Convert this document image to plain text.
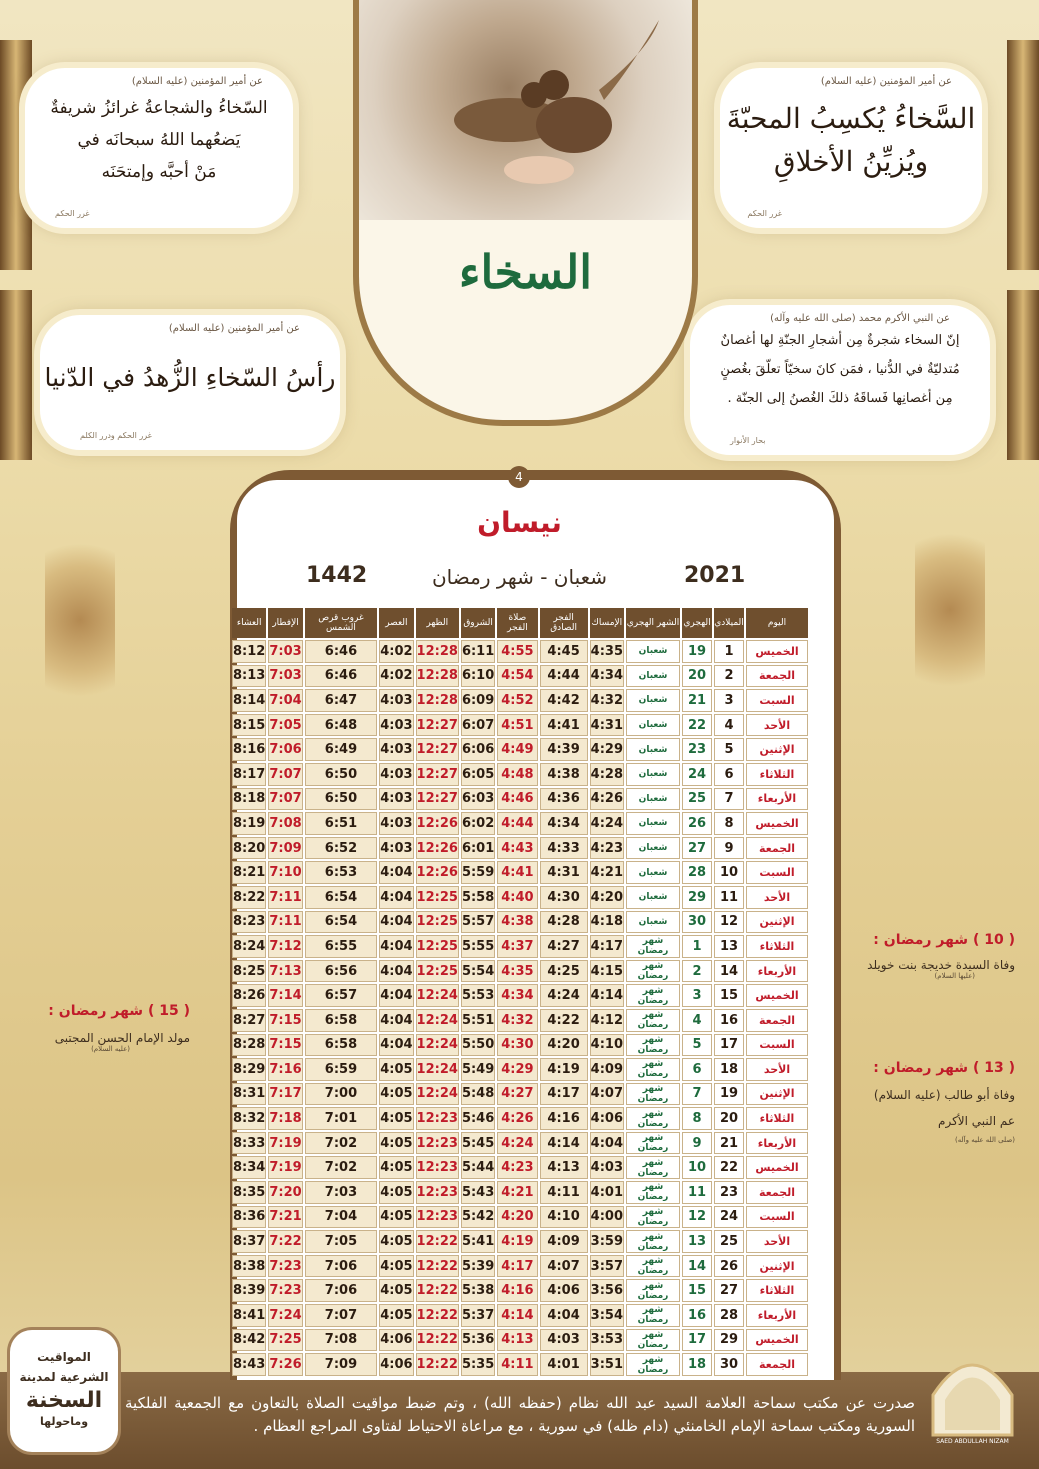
عن أمير المؤمنين (عليه السلام)
السَّخاءُ يُكسِبُ المحبّةَ
ويُزيِّنُ الأخلاقِ
غرر الحكم
عن أمير المؤمنين (عليه السلام)
السّخاءُ والشجاعةُ غرائزُ شريفةٌ
يَضعُهما اللهُ سبحانَه في
مَنْ أحبَّه وإمتحَنَه
غرر الحكم
عن النبي الأكرم محمد (صلى الله عليه وآله)
إنّ السخاء شجرةٌ مِن أشجارِ الجنّةِ لها أغصانٌ
مُتدليّةٌ في الدُّنيا ، فمَن كانَ سخيّاً تعلّقَ بغُصنٍ
مِن أغصانِها فَساقَهُ ذلكَ الغُصنُ إلى الجنّة .
بحار الأنوار
عن أمير المؤمنين (عليه السلام)
رأسُ السّخاءِ الزُّهدُ في الدّنيا
غرر الحكم ودرر الكلم
السخاء
4
نيسان
شعبان - شهر رمضان	2021
1442
اليوم	الميلادي	الهجري	الشهر الهجري	الإمساك	الفجر الصادق	صلاة الفجر	الشروق	الظهر	العصر	غروب قرص الشمس	الإفطار	العشاء
الخميس	1	19	شعبان	4:35	4:45	4:55	6:11	12:28	4:02	6:46	7:03	8:12
الجمعة	2	20	شعبان	4:34	4:44	4:54	6:10	12:28	4:02	6:46	7:03	8:13
السبت	3	21	شعبان	4:32	4:42	4:52	6:09	12:28	4:03	6:47	7:04	8:14
الأحد	4	22	شعبان	4:31	4:41	4:51	6:07	12:27	4:03	6:48	7:05	8:15
الإثنين	5	23	شعبان	4:29	4:39	4:49	6:06	12:27	4:03	6:49	7:06	8:16
الثلاثاء	6	24	شعبان	4:28	4:38	4:48	6:05	12:27	4:03	6:50	7:07	8:17
الأربعاء	7	25	شعبان	4:26	4:36	4:46	6:03	12:27	4:03	6:50	7:07	8:18
الخميس	8	26	شعبان	4:24	4:34	4:44	6:02	12:26	4:03	6:51	7:08	8:19
الجمعة	9	27	شعبان	4:23	4:33	4:43	6:01	12:26	4:03	6:52	7:09	8:20
السبت	10	28	شعبان	4:21	4:31	4:41	5:59	12:26	4:04	6:53	7:10	8:21
الأحد	11	29	شعبان	4:20	4:30	4:40	5:58	12:25	4:04	6:54	7:11	8:22
الإثنين	12	30	شعبان	4:18	4:28	4:38	5:57	12:25	4:04	6:54	7:11	8:23
الثلاثاء	13	1	شهر رمضان	4:17	4:27	4:37	5:55	12:25	4:04	6:55	7:12	8:24
الأربعاء	14	2	شهر رمضان	4:15	4:25	4:35	5:54	12:25	4:04	6:56	7:13	8:25
الخميس	15	3	شهر رمضان	4:14	4:24	4:34	5:53	12:24	4:04	6:57	7:14	8:26
الجمعة	16	4	شهر رمضان	4:12	4:22	4:32	5:51	12:24	4:04	6:58	7:15	8:27
السبت	17	5	شهر رمضان	4:10	4:20	4:30	5:50	12:24	4:04	6:58	7:15	8:28
الأحد	18	6	شهر رمضان	4:09	4:19	4:29	5:49	12:24	4:05	6:59	7:16	8:29
الإثنين	19	7	شهر رمضان	4:07	4:17	4:27	5:48	12:24	4:05	7:00	7:17	8:31
الثلاثاء	20	8	شهر رمضان	4:06	4:16	4:26	5:46	12:23	4:05	7:01	7:18	8:32
الأربعاء	21	9	شهر رمضان	4:04	4:14	4:24	5:45	12:23	4:05	7:02	7:19	8:33
الخميس	22	10	شهر رمضان	4:03	4:13	4:23	5:44	12:23	4:05	7:02	7:19	8:34
الجمعة	23	11	شهر رمضان	4:01	4:11	4:21	5:43	12:23	4:05	7:03	7:20	8:35
السبت	24	12	شهر رمضان	4:00	4:10	4:20	5:42	12:23	4:05	7:04	7:21	8:36
الأحد	25	13	شهر رمضان	3:59	4:09	4:19	5:41	12:22	4:05	7:05	7:22	8:37
الإثنين	26	14	شهر رمضان	3:57	4:07	4:17	5:39	12:22	4:05	7:06	7:23	8:38
الثلاثاء	27	15	شهر رمضان	3:56	4:06	4:16	5:38	12:22	4:05	7:06	7:23	8:39
الأربعاء	28	16	شهر رمضان	3:54	4:04	4:14	5:37	12:22	4:05	7:07	7:24	8:41
الخميس	29	17	شهر رمضان	3:53	4:03	4:13	5:36	12:22	4:06	7:08	7:25	8:42
الجمعة	30	18	شهر رمضان	3:51	4:01	4:11	5:35	12:22	4:06	7:09	7:26	8:43
( 10 ) شهر رمضان :
وفاة السيدة خديجة بنت خويلد
(عليها السلام)
( 13 ) شهر رمضان :
وفاة أبو طالب (عليه السلام)
عم النبي الأكرم
(صلى الله عليه وآله)
( 15 ) شهر رمضان :
مولد الإمام الحسن المجتبى
(عليه السلام)
المواقيت
الشرعية لمدينة
السخنة
وماحولها
صدرت عن مكتب سماحة العلامة السيد عبد الله نظام (حفظه الله) ، وتم ضبط مواقيت الصلاة بالتعاون مع الجمعية الفلكية السورية ومكتب سماحة الإمام الخامنئي (دام ظله) في سورية ، مع مراعاة الاحتياط لفتاوى المراجع العظام .
SAED ABDULLAH NIZAM
